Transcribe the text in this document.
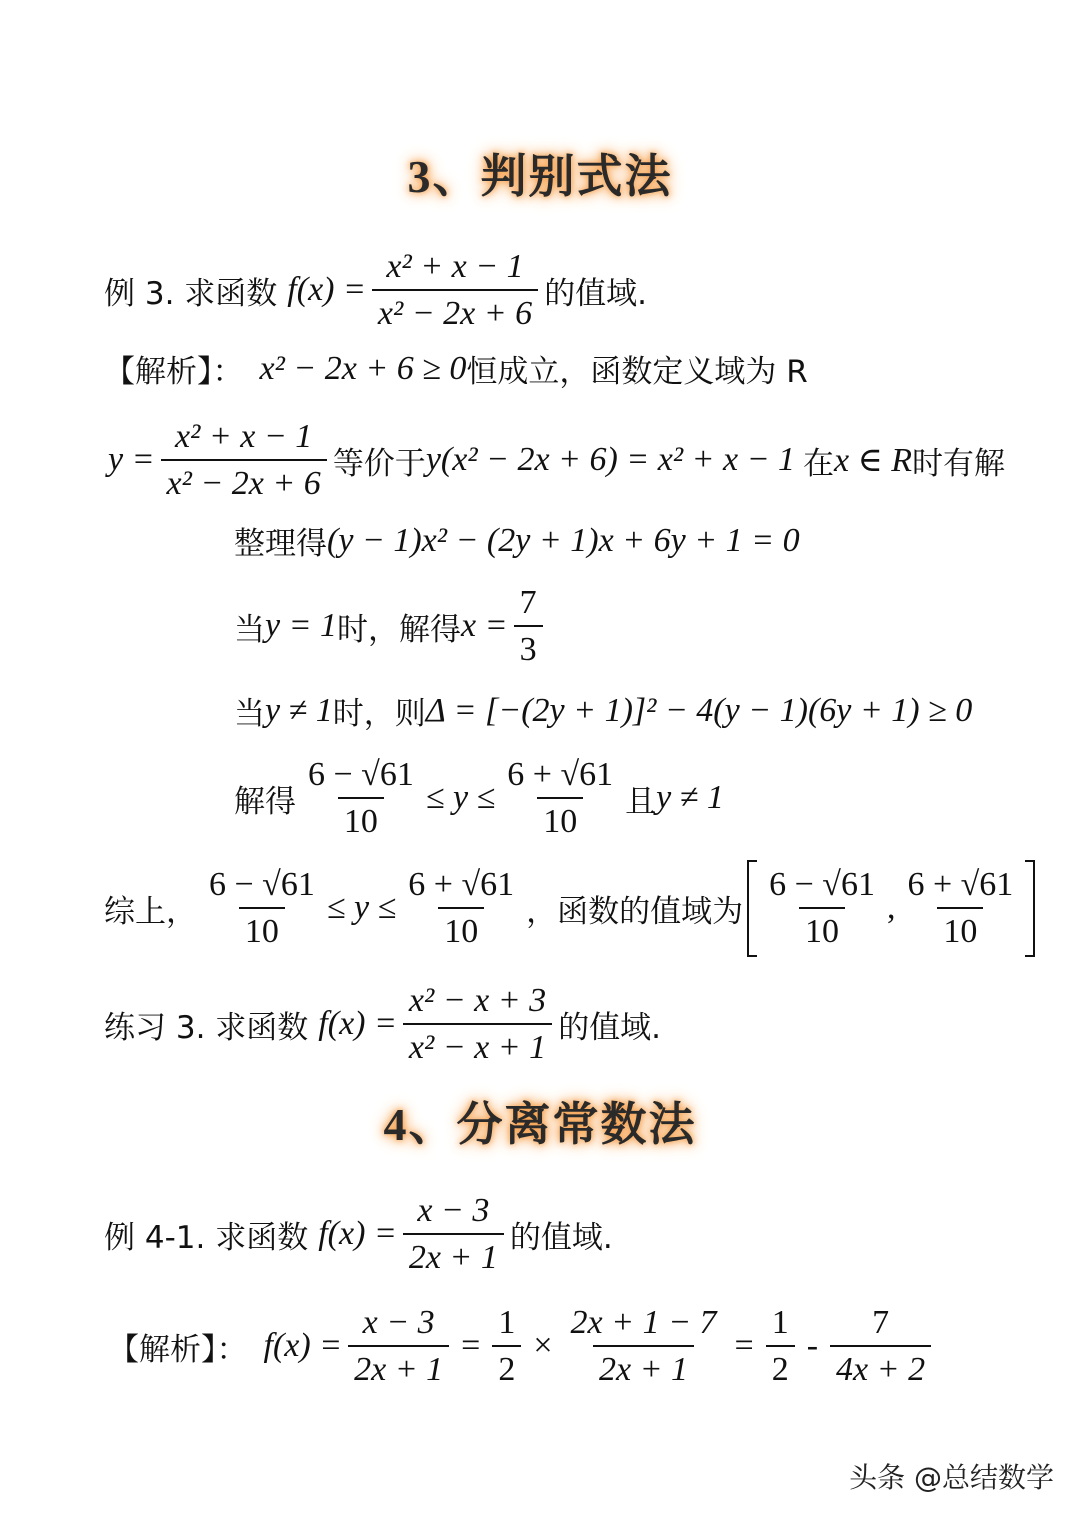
3、判别式法
例 3. 求函数 $f(x) = \frac{\text{x² + x − 1}}{\text{x² − 2x + 6}}$ 的值域.
【解析】： x² − 2x + 6 ≥ 0 恒成立，函数定义域为 R
$y = \frac{\text{x² + x − 1}}{\text{x² − 2x + 6}}$ 等价于 y(x² − 2x + 6) = x² + x − 1 在 x ∈ R 时有解
整理得 (y − 1)x² − (2y + 1)x + 6y + 1 = 0
当 y = 1 时，解得 $x = \frac{7}{3}$
当 y ≠ 1 时，则 Δ = [−(2y + 1)]² − 4(y − 1)(6y + 1) ≥ 0
解得 $\frac{6 - √61}{10} \le y \le \frac{6 + √61}{10}$ 且 y ≠ 1
综上， $\frac{6 - √61}{10} \le y \le \frac{6 + √61}{10}$ ，函数的值域为 $\frac{6 - √61}{10}$ , $\frac{6 + √61}{10}$
练习 3. 求函数 $f(x) = \frac{\text{x² − x + 3}}{\text{x² − x + 1}}$ 的值域.
4、分离常数法
例 4-1. 求函数 $f(x) = \frac{x - 3}{2x + 1}$ 的值域.
【解析】： $f(x) = \frac{x - 3}{2x + 1} = \frac{1}{2} \times \frac{2x + 1 - 7}{2x + 1} = \frac{1}{2} - \frac{7}{4x + 2}$
头条 @总结数学
